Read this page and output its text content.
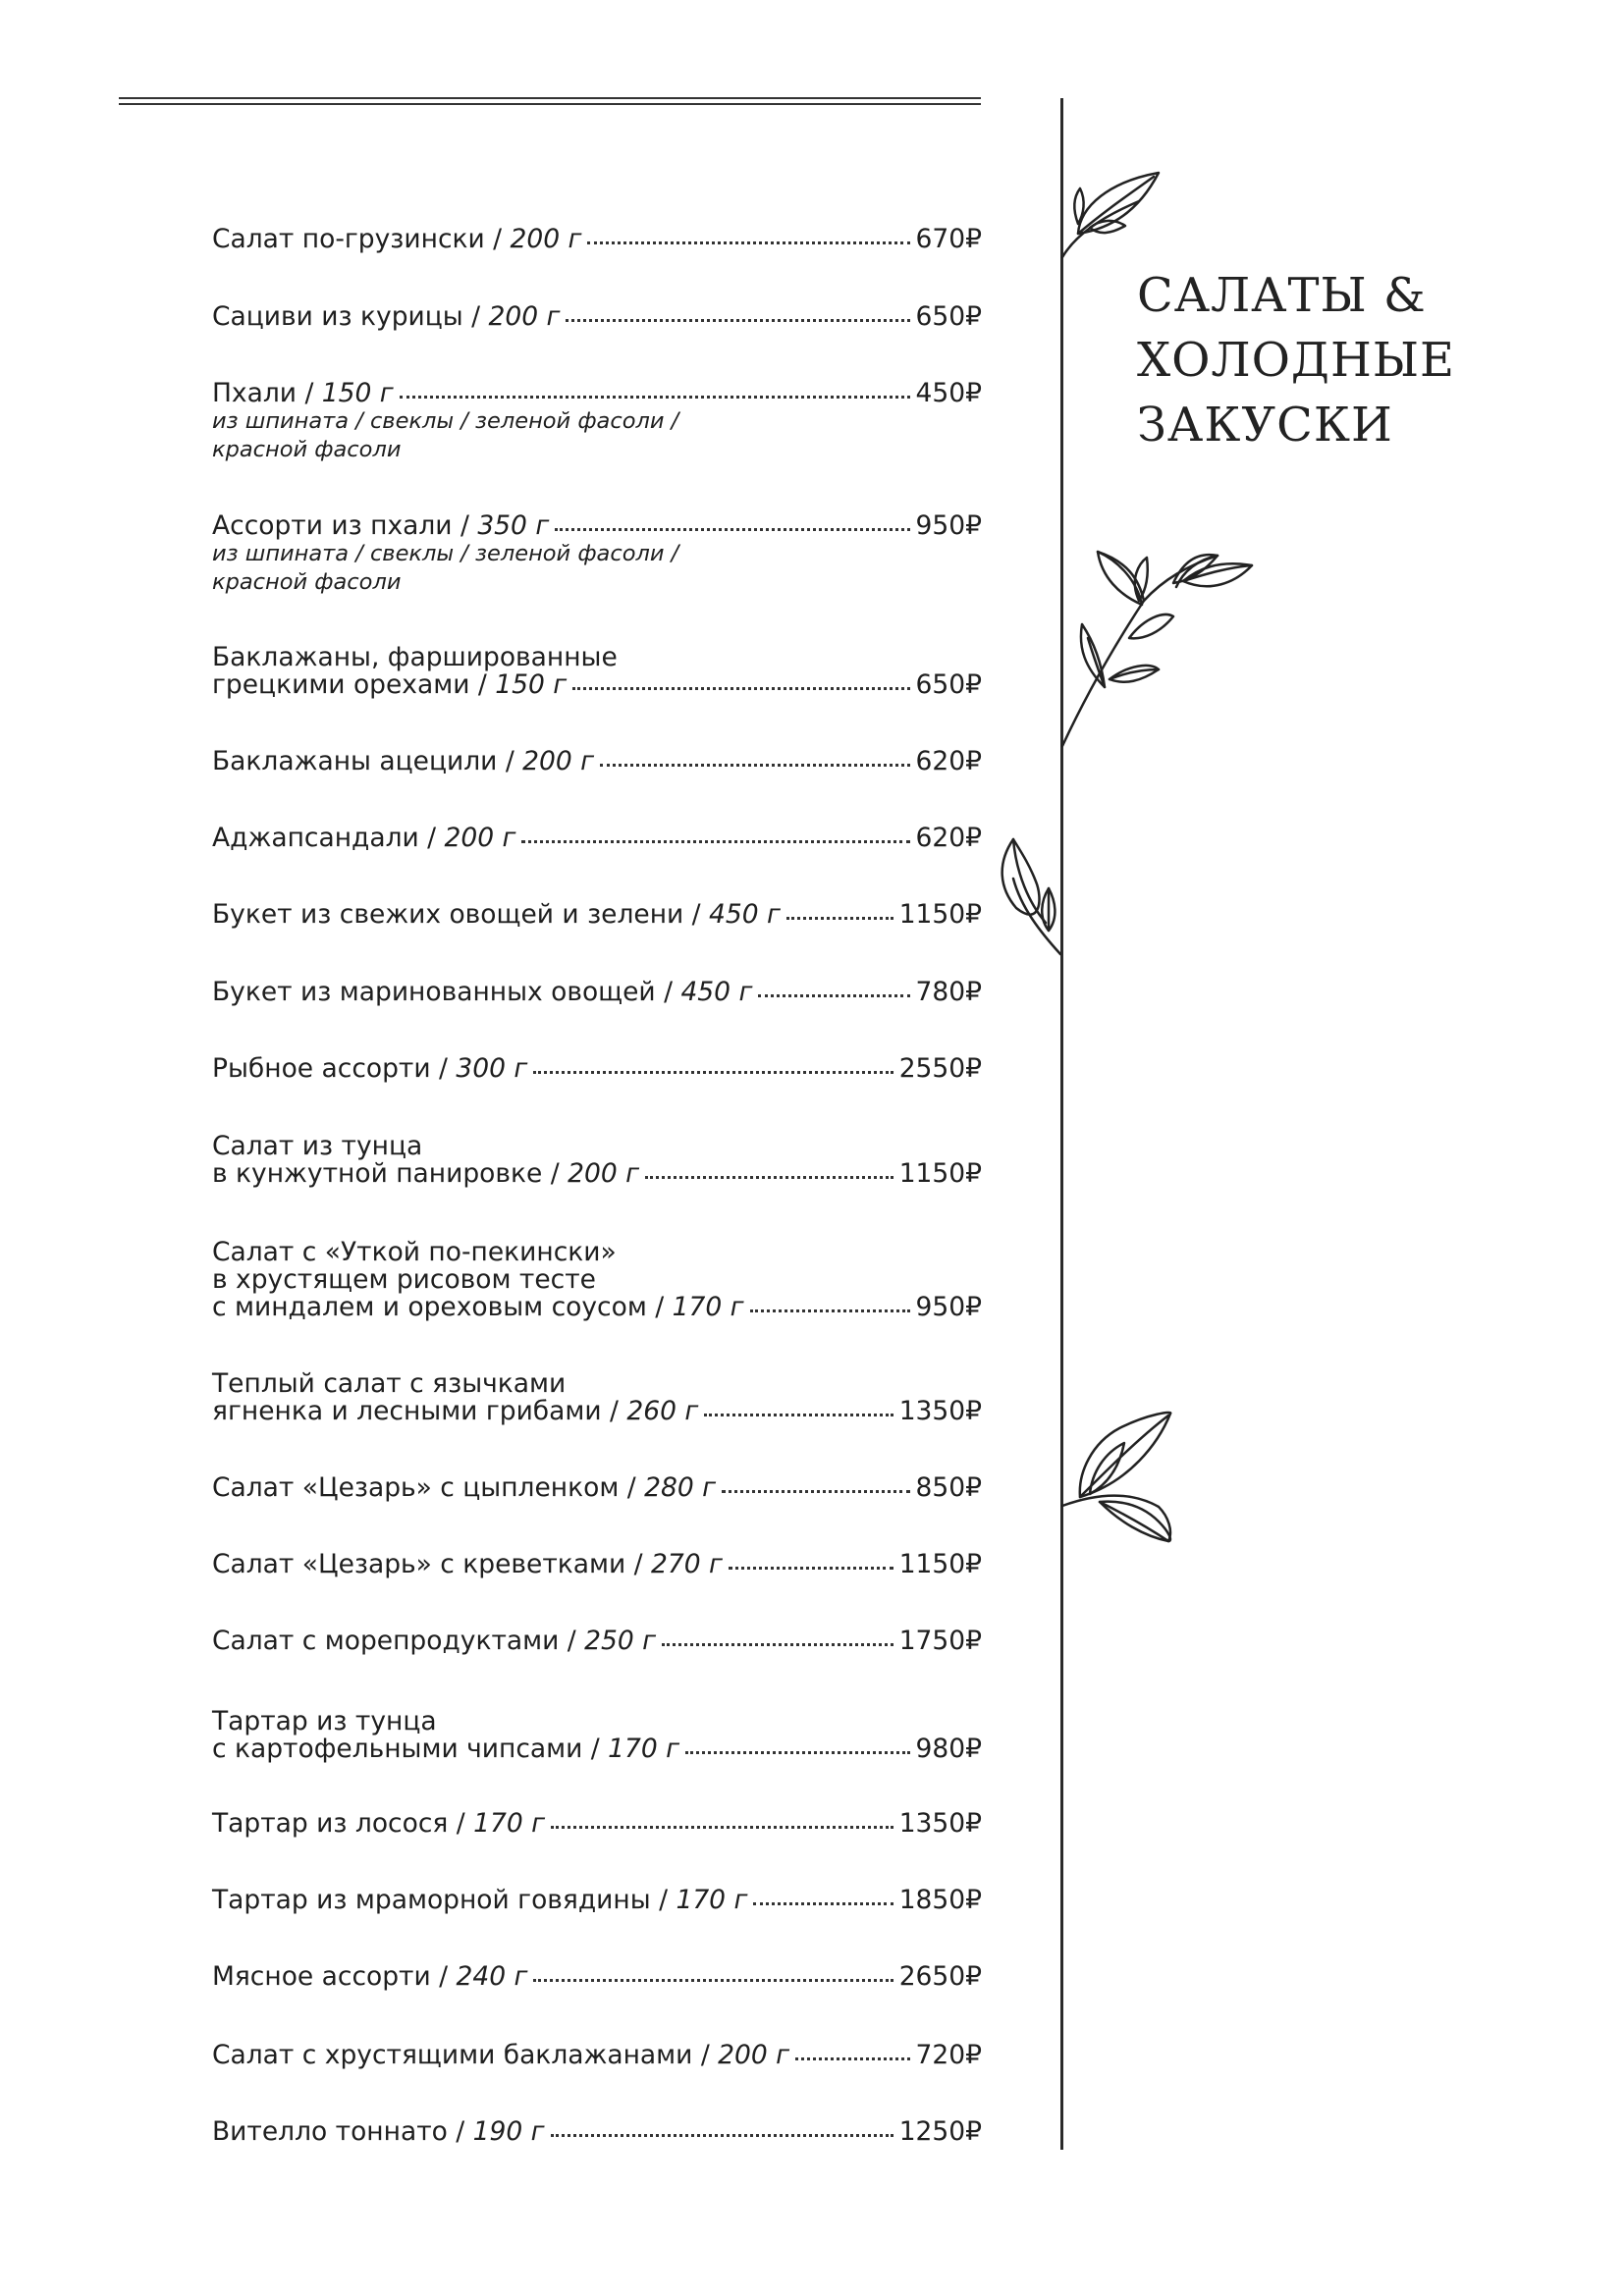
САЛАТЫ &
ХОЛОДНЫЕ
ЗАКУСКИ
Салат по-грузински / 200 г	670₽
Сациви из курицы / 200 г	650₽
Пхали / 150 г	450₽
из шпината / свеклы / зеленой фасоли /
красной фасоли
Ассорти из пхали / 350 г	950₽
из шпината / свеклы / зеленой фасоли /
красной фасоли
Баклажаны, фаршированные
грецкими орехами / 150 г	650₽
Баклажаны ацецили / 200 г	620₽
Аджапсандали / 200 г	620₽
Букет из свежих овощей и зелени / 450 г	1150₽
Букет из маринованных овощей / 450 г	780₽
Рыбное ассорти / 300 г	2550₽
Салат из тунца
в кунжутной панировке / 200 г	1150₽
Салат с «Уткой по-пекински»
в хрустящем рисовом тесте
с миндалем и ореховым соусом / 170 г	950₽
Теплый салат с язычками
ягненка и лесными грибами / 260 г	1350₽
Салат «Цезарь» с цыпленком / 280 г	850₽
Салат «Цезарь» с креветками / 270 г	1150₽
Салат с морепродуктами / 250 г	1750₽
Тартар из тунца
с картофельными чипсами / 170 г	980₽
Тартар из лосося / 170 г	1350₽
Тартар из мраморной говядины / 170 г	1850₽
Мясное ассорти / 240 г	2650₽
Салат с хрустящими баклажанами / 200 г	720₽
Вителло тоннато / 190 г	1250₽
